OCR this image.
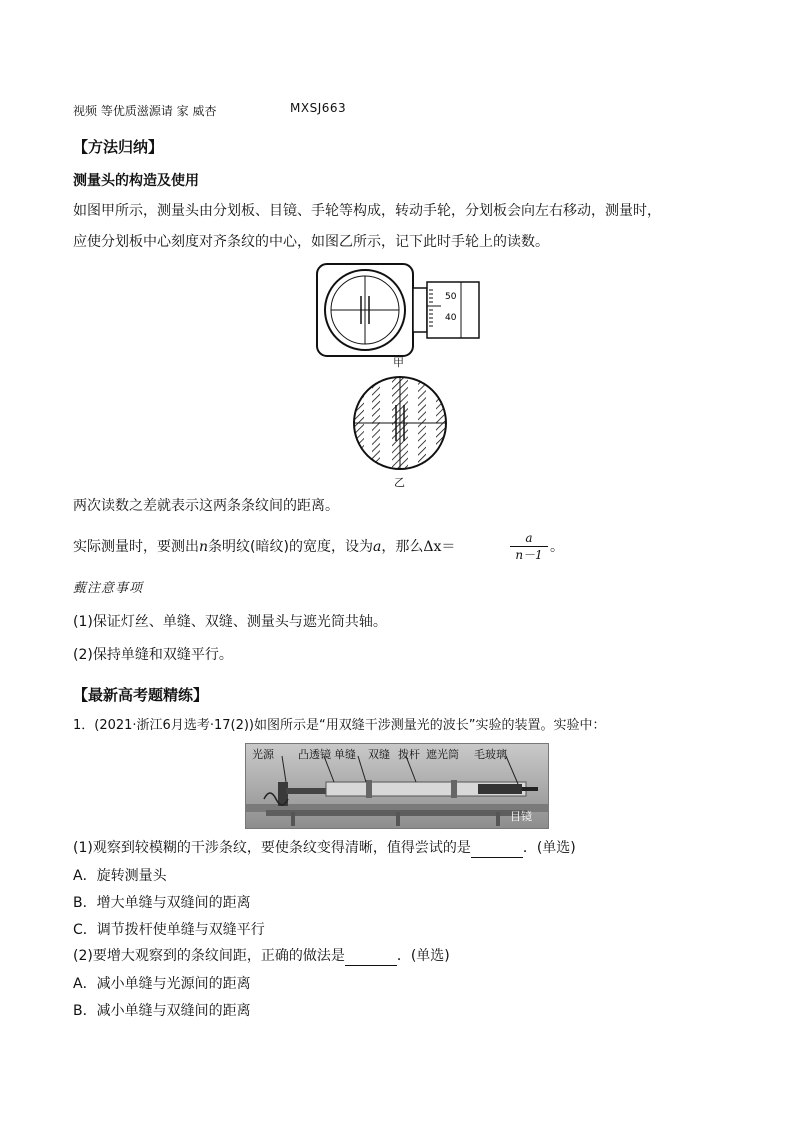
视频 等优质滋源请 家 威杏	MXSJ663
【方法归纳】
测量头的构造及使用
如图甲所示，测量头由分划板、目镜、手轮等构成，转动手轮，分划板会向左右移动，测量时，
应使分划板中心刻度对齐条纹的中心，如图乙所示，记下此时手轮上的读数。
50
40
甲
乙
两次读数之差就表示这两条条纹间的距离。
实际测量时，要测出n条明纹(暗纹)的宽度，设为a，那么Δx＝
a
n－1 。
薽注意事项
(1)保证灯丝、单缝、双缝、测量头与遮光筒共轴。
(2)保持单缝和双缝平行。
【最新高考题精练】
1．(2021·浙江6月选考·17(2))如图所示是“用双缝干涉测量光的波长”实验的装置。实验中：
光源 凸透镜 单缝 双缝 拨杆 遮光筒 毛玻璃
目镜
(1)观察到较模糊的干涉条纹，要使条纹变得清晰，值得尝试的是	．(单选)
A．旋转测量头
B．增大单缝与双缝间的距离
C．调节拨杆使单缝与双缝平行
(2)要增大观察到的条纹间距，正确的做法是	．(单选)
A．减小单缝与光源间的距离
B．减小单缝与双缝间的距离
